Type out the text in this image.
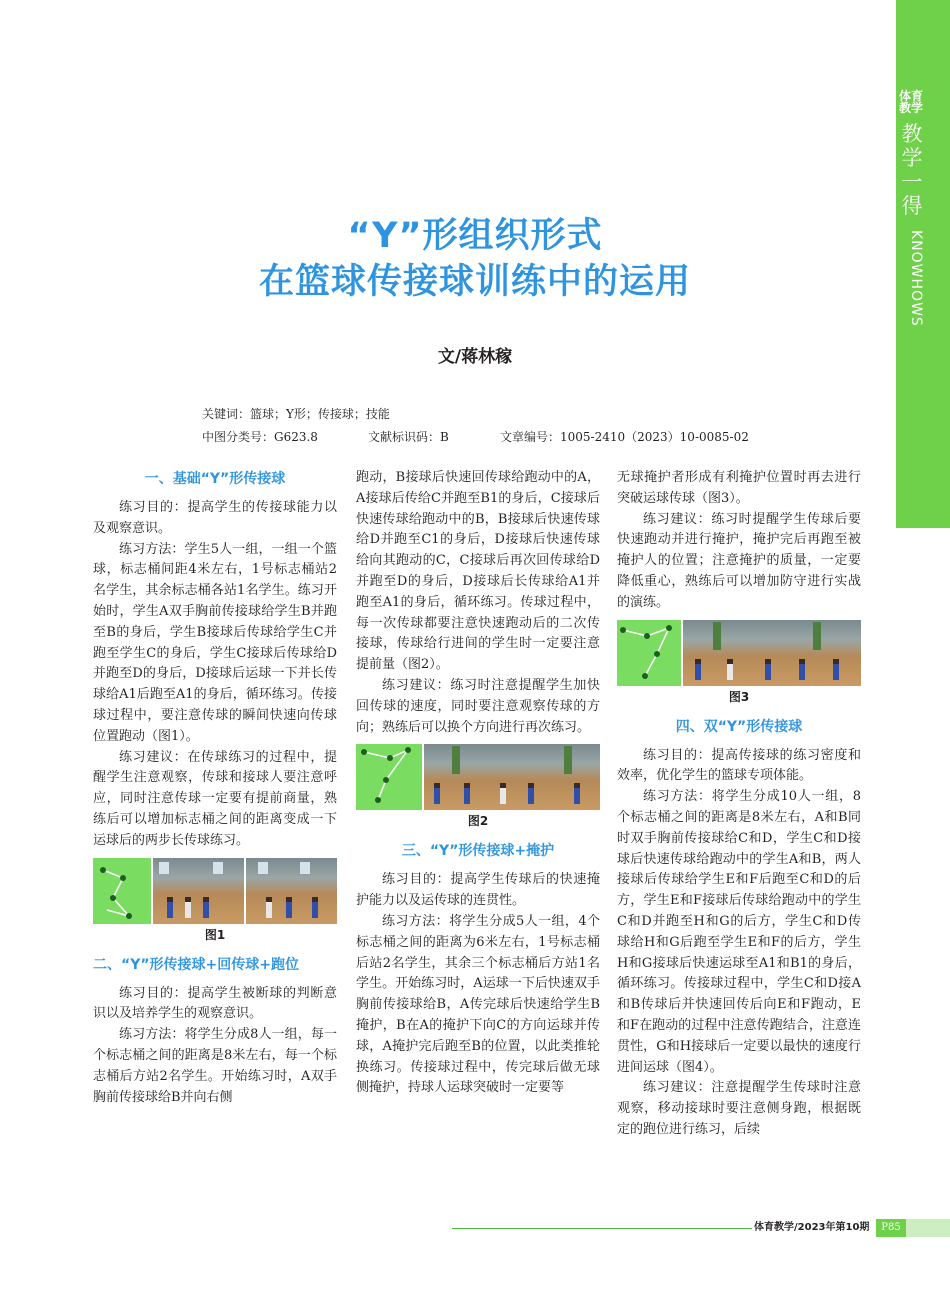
体育教学
教学一得
KNOWHOWS
“Y”形组织形式
在篮球传接球训练中的运用
文/蒋林稼
关键词：篮球；Y形；传接球；技能
中图分类号：G623.8	文献标识码：B	文章编号：1005-2410（2023）10-0085-02
一、基础“Y”形传接球

练习目的：提高学生的传接球能力以及观察意识。

练习方法：学生5人一组，一组一个篮球，标志桶间距4米左右，1号标志桶站2名学生，其余标志桶各站1名学生。练习开始时，学生A双手胸前传接球给学生B并跑至B的身后，学生B接球后传球给学生C并跑至学生C的身后，学生C接球后传球给D并跑至D的身后，D接球后运球一下并长传球给A1后跑至A1的身后，循环练习。传接球过程中，要注意传球的瞬间快速向传球位置跑动（图1）。

练习建议：在传球练习的过程中，提醒学生注意观察，传球和接球人要注意呼应，同时注意传球一定要有提前商量，熟练后可以增加标志桶之间的距离变成一下运球后的两步长传球练习。

图1
二、“Y”形传接球+回传球+跑位

练习目的：提高学生被断球的判断意识以及培养学生的观察意识。

练习方法：将学生分成8人一组，每一个标志桶之间的距离是8米左右，每一个标志桶后方站2名学生。开始练习时，A双手胸前传接球给B并向右侧

跑动，B接球后快速回传球给跑动中的A，A接球后传给C并跑至B1的身后，C接球后快速传球给跑动中的B，B接球后快速传球给D并跑至C1的身后，D接球后快速传球给向其跑动的C，C接球后再次回传球给D并跑至D的身后，D接球后长传球给A1并跑至A1的身后，循环练习。传球过程中，每一次传球都要注意快速跑动后的二次传接球，传球给行进间的学生时一定要注意提前量（图2）。

练习建议：练习时注意提醒学生加快回传球的速度，同时要注意观察传球的方向；熟练后可以换个方向进行再次练习。

图2
三、“Y”形传接球+掩护

练习目的：提高学生传球后的快速掩护能力以及运传球的连贯性。

练习方法：将学生分成5人一组，4个标志桶之间的距离为6米左右，1号标志桶后站2名学生，其余三个标志桶后方站1名学生。开始练习时，A运球一下后快速双手胸前传接球给B，A传完球后快速给学生B掩护，B在A的掩护下向C的方向运球并传球，A掩护完后跑至B的位置，以此类推轮换练习。传接球过程中，传完球后做无球侧掩护，持球人运球突破时一定要等

无球掩护者形成有利掩护位置时再去进行突破运球传球（图3）。

练习建议：练习时提醒学生传球后要快速跑动并进行掩护，掩护完后再跑至被掩护人的位置；注意掩护的质量，一定要降低重心，熟练后可以增加防守进行实战的演练。

图3
四、双“Y”形传接球

练习目的：提高传接球的练习密度和效率，优化学生的篮球专项体能。

练习方法：将学生分成10人一组，8个标志桶之间的距离是8米左右，A和B同时双手胸前传接球给C和D，学生C和D接球后快速传球给跑动中的学生A和B，两人接球后传球给学生E和F后跑至C和D的后方，学生E和F接球后传球给跑动中的学生C和D并跑至H和G的后方，学生C和D传球给H和G后跑至学生E和F的后方，学生H和G接球后快速运球至A1和B1的身后，循环练习。传接球过程中，学生C和D接A和B传球后并快速回传后向E和F跑动，E和F在跑动的过程中注意传跑结合，注意连贯性，G和H接球后一定要以最快的速度行进间运球（图4）。

练习建议：注意提醒学生传球时注意观察，移动接球时要注意侧身跑，根据既定的跑位进行练习，后续

体育教学/2023年第10期	P85
